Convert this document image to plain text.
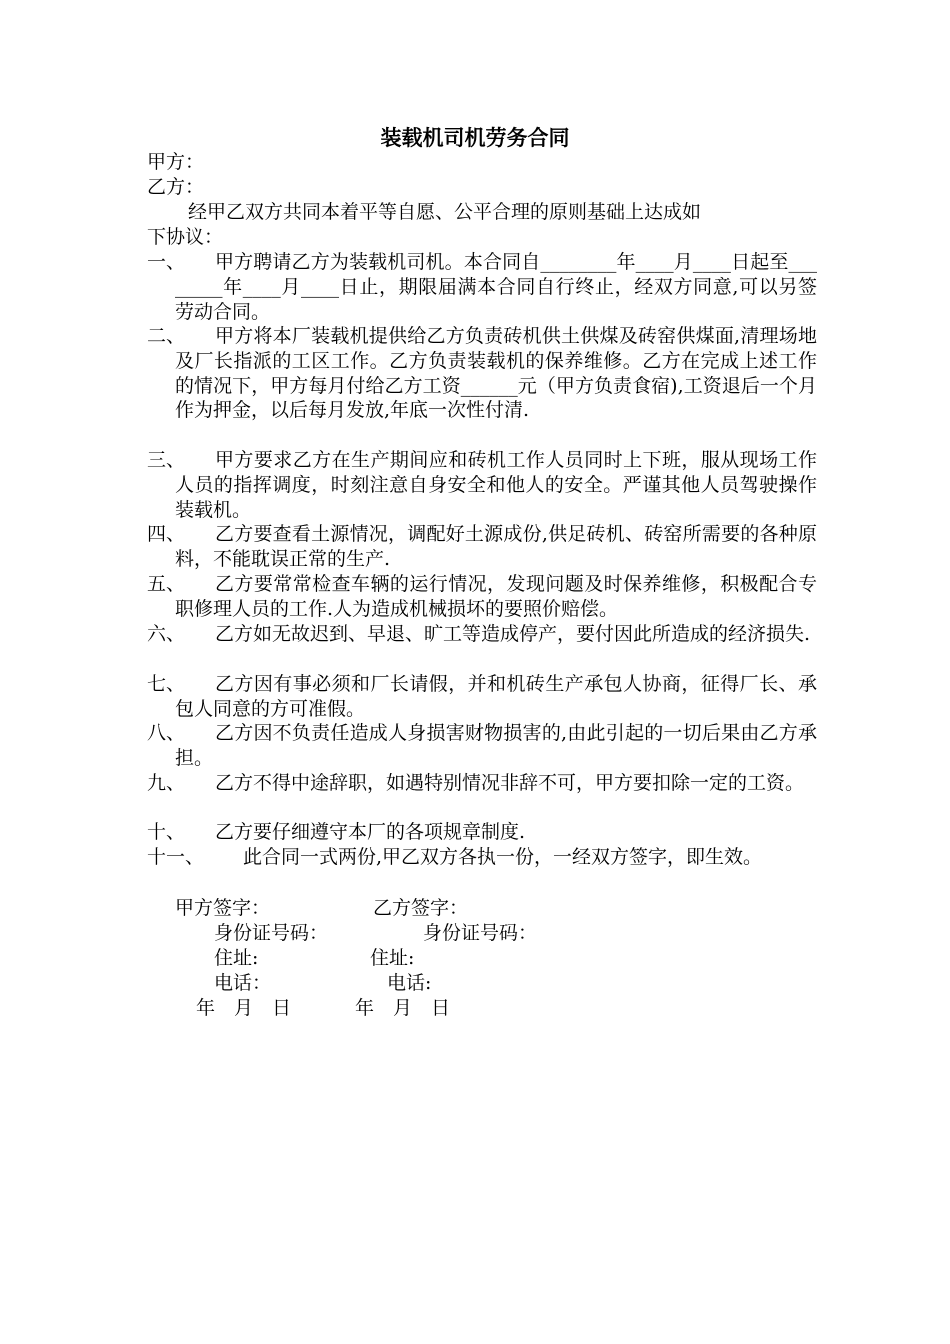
装载机司机劳务合同
甲方：
乙方：
经甲乙双方共同本着平等自愿、公平合理的原则基础上达成如
下协议：
一、	甲方聘请乙方为装载机司机。本合同自________年____月____日起至________年____月____日止，期限届满本合同自行终止，经双方同意,可以另签劳动合同。
二、	甲方将本厂装载机提供给乙方负责砖机供土供煤及砖窑供煤面,清理场地及厂长指派的工区工作。乙方负责装载机的保养维修。乙方在完成上述工作的情况下，甲方每月付给乙方工资______元（甲方负责食宿),工资退后一个月作为押金，以后每月发放,年底一次性付清.
三、	甲方要求乙方在生产期间应和砖机工作人员同时上下班，服从现场工作人员的指挥调度，时刻注意自身安全和他人的安全。严谨其他人员驾驶操作装载机。
四、	乙方要查看土源情况，调配好土源成份,供足砖机、砖窑所需要的各种原料，不能耽误正常的生产.
五、	乙方要常常检查车辆的运行情况，发现问题及时保养维修，积极配合专职修理人员的工作.人为造成机械损坏的要照价赔偿。
六、	乙方如无故迟到、早退、旷工等造成停产，要付因此所造成的经济损失.
七、	乙方因有事必须和厂长请假，并和机砖生产承包人协商，征得厂长、承包人同意的方可准假。
八、	乙方因不负责任造成人身损害财物损害的,由此引起的一切后果由乙方承担。
九、	乙方不得中途辞职，如遇特别情况非辞不可，甲方要扣除一定的工资。
十、	乙方要仔细遵守本厂的各项规章制度.
十一、	此合同一式两份,甲乙双方各执一份，一经双方签字，即生效。
甲方签字：	乙方签字：
身份证号码：	身份证号码：
住址:	住址:
电话：	电话:
年　月　日	年　月　日
